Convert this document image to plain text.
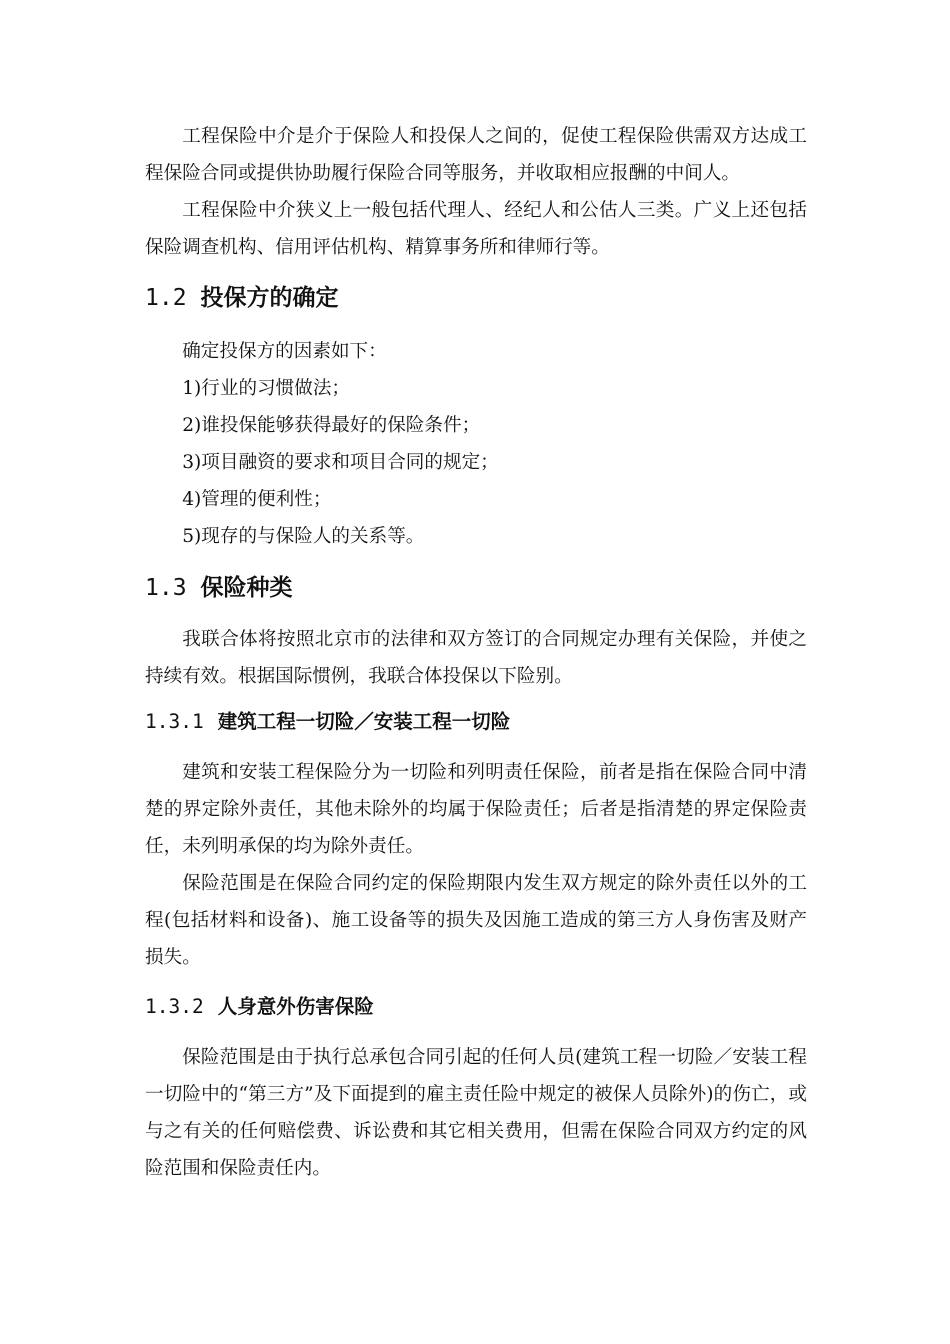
工程保险中介是介于保险人和投保人之间的，促使工程保险供需双方达成工程保险合同或提供协助履行保险合同等服务，并收取相应报酬的中间人。

工程保险中介狭义上一般包括代理人、经纪人和公估人三类。广义上还包括保险调查机构、信用评估机构、精算事务所和律师行等。

1.2 投保方的确定

确定投保方的因素如下：

1)行业的习惯做法；

2)谁投保能够获得最好的保险条件；

3)项目融资的要求和项目合同的规定；

4)管理的便利性；

5)现存的与保险人的关系等。

1.3 保险种类

我联合体将按照北京市的法律和双方签订的合同规定办理有关保险，并使之持续有效。根据国际惯例，我联合体投保以下险别。

1.3.1 建筑工程一切险／安装工程一切险

建筑和安装工程保险分为一切险和列明责任保险，前者是指在保险合同中清楚的界定除外责任，其他未除外的均属于保险责任；后者是指清楚的界定保险责任，未列明承保的均为除外责任。

保险范围是在保险合同约定的保险期限内发生双方规定的除外责任以外的工程(包括材料和设备)、施工设备等的损失及因施工造成的第三方人身伤害及财产损失。

1.3.2 人身意外伤害保险

保险范围是由于执行总承包合同引起的任何人员(建筑工程一切险／安装工程一切险中的“第三方”及下面提到的雇主责任险中规定的被保人员除外)的伤亡，或与之有关的任何赔偿费、诉讼费和其它相关费用，但需在保险合同双方约定的风险范围和保险责任内。
